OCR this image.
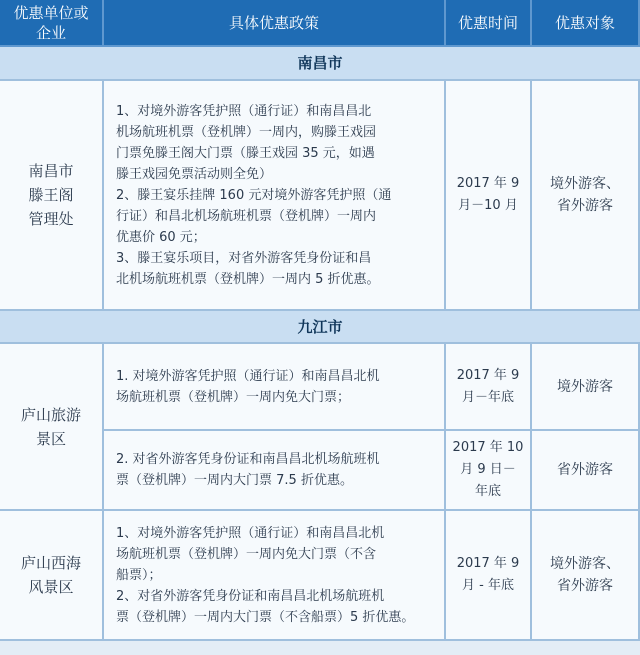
优惠单位或
企业
具体优惠政策	优惠时间	优惠对象
南昌市
南昌市
滕王阁
管理处
1、对境外游客凭护照（通行证）和南昌昌北
机场航班机票（登机牌）一周内，购滕王戏园
门票免滕王阁大门票（滕王戏园 35 元，如遇
滕王戏园免票活动则全免）
2、滕王宴乐挂牌 160 元对境外游客凭护照（通
行证）和昌北机场航班机票（登机牌）一周内
优惠价 60 元；
3、滕王宴乐项目，对省外游客凭身份证和昌
北机场航班机票（登机牌）一周内 5 折优惠。
2017 年 9
月－10 月
境外游客、
省外游客
九江市
庐山旅游
景区
1. 对境外游客凭护照（通行证）和南昌昌北机
场航班机票（登机牌）一周内免大门票；
2017 年 9
月－年底
境外游客
2. 对省外游客凭身份证和南昌昌北机场航班机
票（登机牌）一周内大门票 7.5 折优惠。
2017 年 10
月 9 日－
年底
省外游客
庐山西海
风景区
1、对境外游客凭护照（通行证）和南昌昌北机
场航班机票（登机牌）一周内免大门票（不含
船票）；
2、对省外游客凭身份证和南昌昌北机场航班机
票（登机牌）一周内大门票（不含船票）5 折优惠。
2017 年 9
月 - 年底
境外游客、
省外游客
